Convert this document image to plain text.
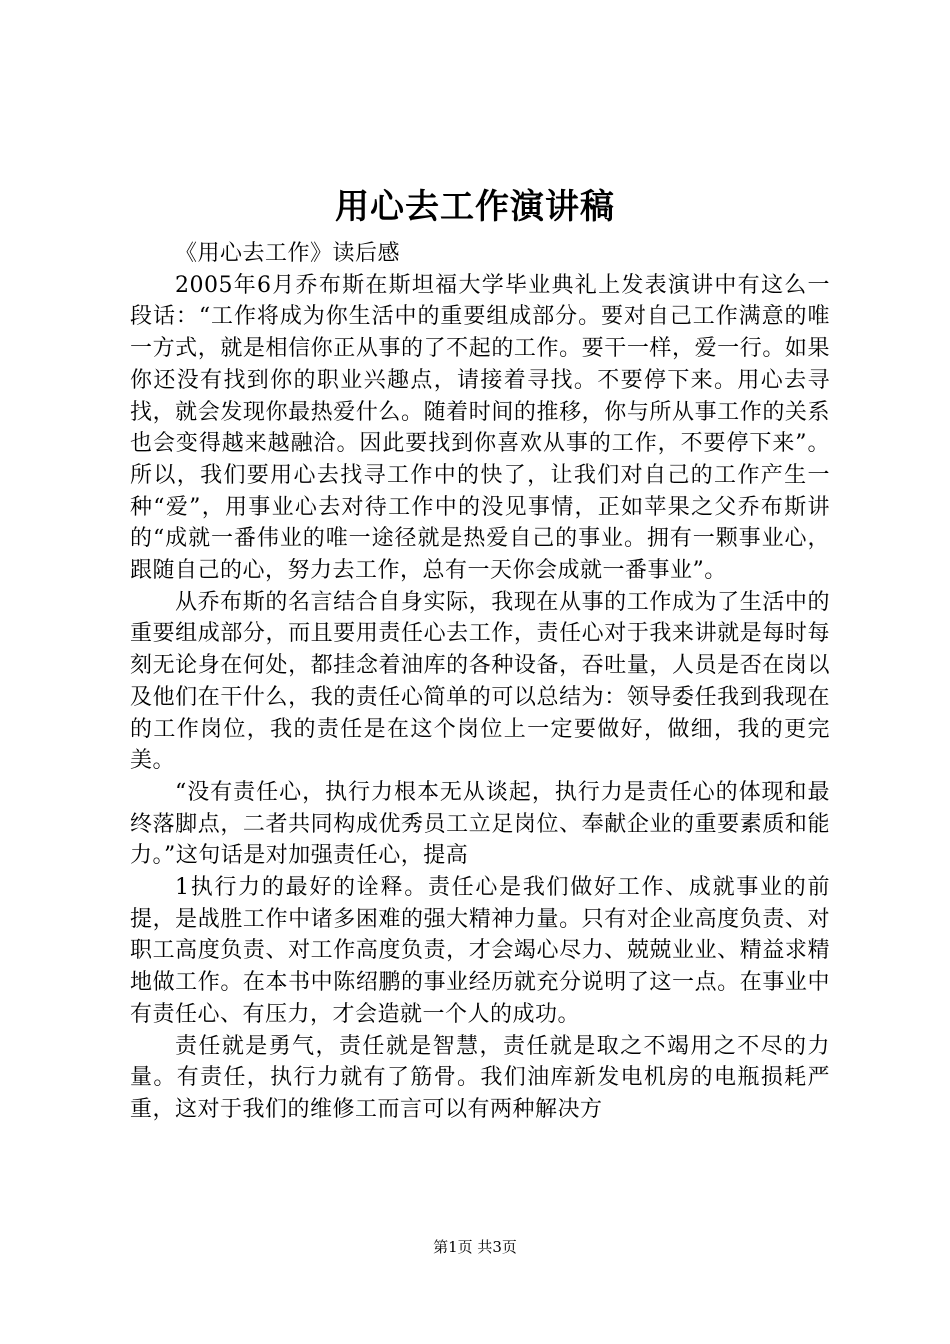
用心去工作演讲稿

《用心去工作》读后感

2005年6月乔布斯在斯坦福大学毕业典礼上发表演讲中有这么一段话：“工作将成为你生活中的重要组成部分。要对自己工作满意的唯一方式，就是相信你正从事的了不起的工作。要干一样，爱一行。如果你还没有找到你的职业兴趣点，请接着寻找。不要停下来。用心去寻找，就会发现你最热爱什么。随着时间的推移，你与所从事工作的关系也会变得越来越融洽。因此要找到你喜欢从事的工作，不要停下来”。所以，我们要用心去找寻工作中的快了，让我们对自己的工作产生一种“爱”，用事业心去对待工作中的没见事情，正如苹果之父乔布斯讲的“成就一番伟业的唯一途径就是热爱自己的事业。拥有一颗事业心，跟随自己的心，努力去工作，总有一天你会成就一番事业”。

从乔布斯的名言结合自身实际，我现在从事的工作成为了生活中的重要组成部分，而且要用责任心去工作，责任心对于我来讲就是每时每刻无论身在何处，都挂念着油库的各种设备，吞吐量，人员是否在岗以及他们在干什么，我的责任心简单的可以总结为：领导委任我到我现在的工作岗位，我的责任是在这个岗位上一定要做好，做细，我的更完美。

“没有责任心，执行力根本无从谈起，执行力是责任心的体现和最终落脚点，二者共同构成优秀员工立足岗位、奉献企业的重要素质和能力。”这句话是对加强责任心，提高

1执行力的最好的诠释。责任心是我们做好工作、成就事业的前提，是战胜工作中诸多困难的强大精神力量。只有对企业高度负责、对职工高度负责、对工作高度负责，才会竭心尽力、兢兢业业、精益求精地做工作。在本书中陈绍鹏的事业经历就充分说明了这一点。在事业中有责任心、有压力，才会造就一个人的成功。

责任就是勇气，责任就是智慧，责任就是取之不竭用之不尽的力量。有责任，执行力就有了筋骨。我们油库新发电机房的电瓶损耗严重，这对于我们的维修工而言可以有两种解决方

第1页 共3页
